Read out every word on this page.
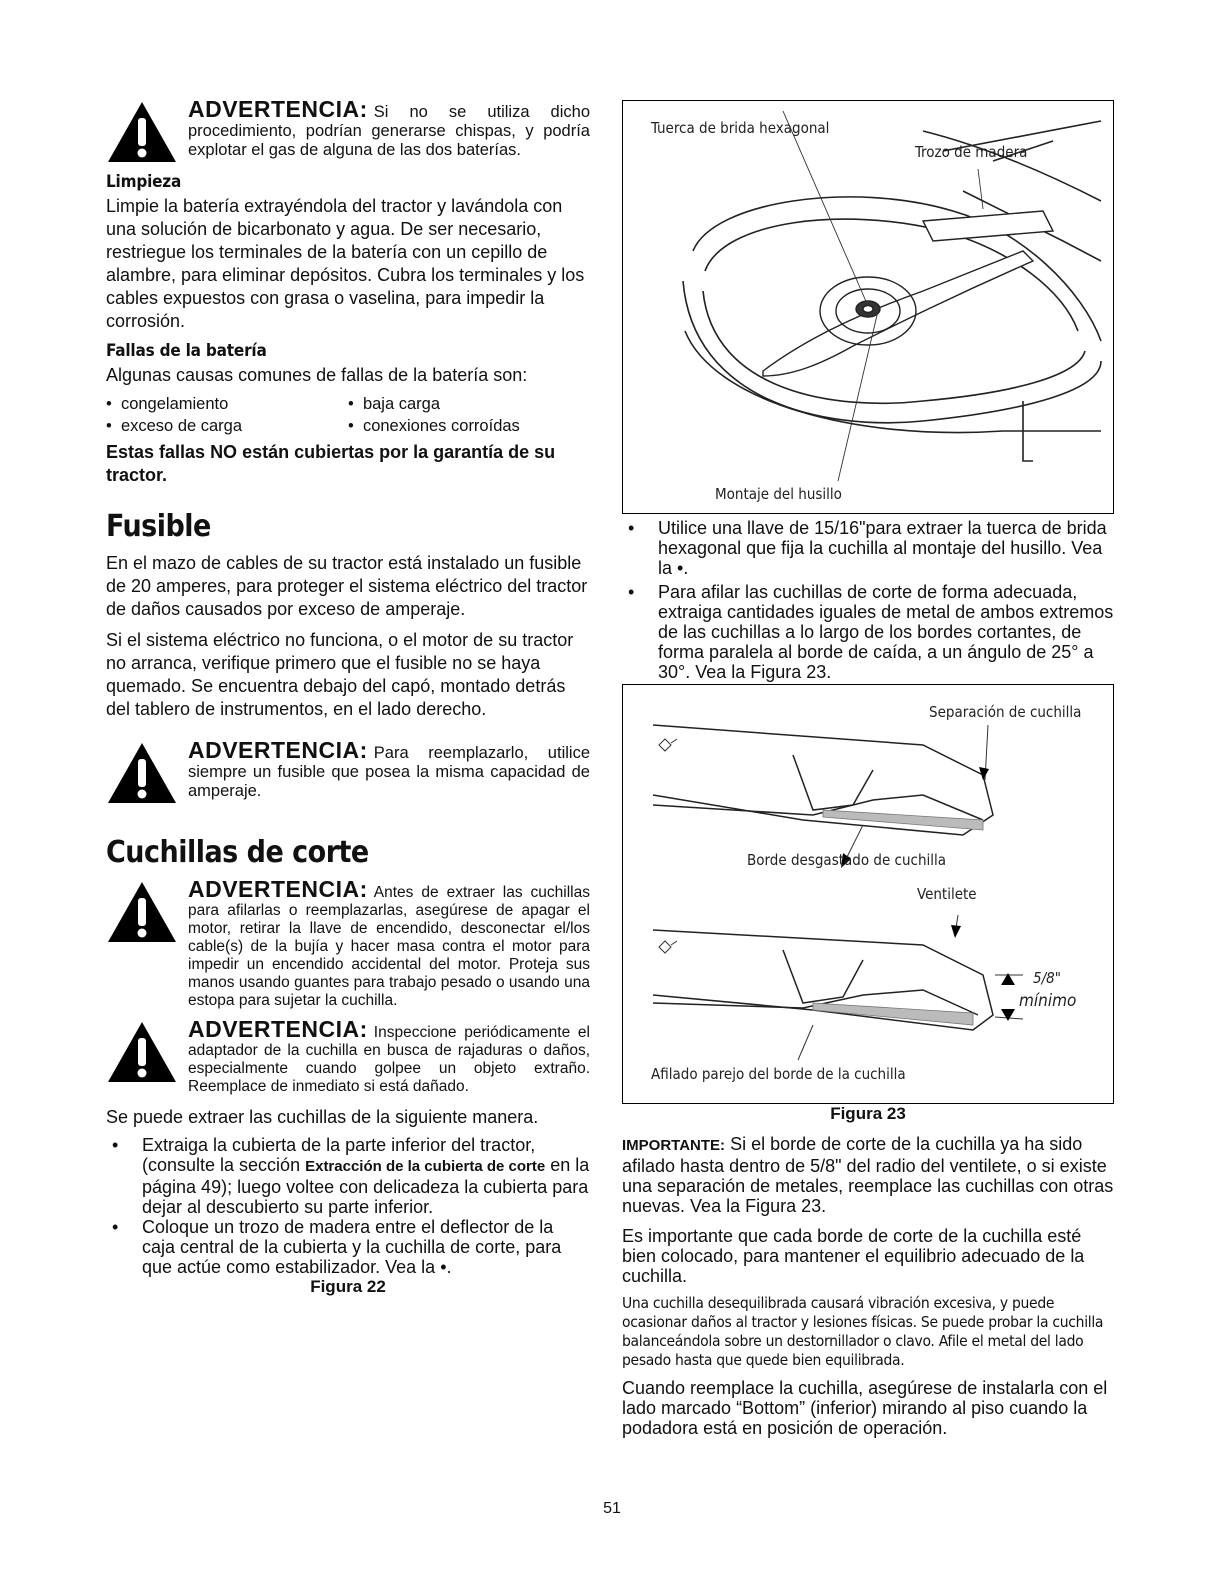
ADVERTENCIA: Si no se utiliza dicho procedimiento, podrían generarse chispas, y podría explotar el gas de alguna de las dos baterías.

Limpieza

Limpie la batería extrayéndola del tractor y lavándola con una solución de bicarbonato y agua. De ser necesario, restriegue los terminales de la batería con un cepillo de alambre, para eliminar depósitos. Cubra los terminales y los cables expuestos con grasa o vaselina, para impedir la corrosión.

Fallas de la batería

Algunas causas comunes de fallas de la batería son:

•  congelamiento	•  baja carga
•  exceso de carga	•  conexiones corroídas

Estas fallas NO están cubiertas por la garantía de su tractor.

Fusible

En el mazo de cables de su tractor está instalado un fusible de 20 amperes, para proteger el sistema eléctrico del tractor de daños causados por exceso de amperaje.

Si el sistema eléctrico no funciona, o el motor de su tractor no arranca, verifique primero que el fusible no se haya quemado. Se encuentra debajo del capó, montado detrás del tablero de instrumentos, en el lado derecho.

ADVERTENCIA: Para reemplazarlo, utilice siempre un fusible que posea la misma capacidad de amperaje.

Cuchillas de corte

ADVERTENCIA: Antes de extraer las cuchillas para afilarlas o reemplazarlas, asegúrese de apagar el motor, retirar la llave de encendido, desconectar el/los cable(s) de la bujía y hacer masa contra el motor para impedir un encendido accidental del motor. Proteja sus manos usando guantes para trabajo pesado o usando una estopa para sujetar la cuchilla.

ADVERTENCIA: Inspeccione periódicamente el adaptador de la cuchilla en busca de rajaduras o daños, especialmente cuando golpee un objeto extraño. Reemplace de inmediato si está dañado.

Se puede extraer las cuchillas de la siguiente manera.

• Extraiga la cubierta de la parte inferior del tractor, (consulte la sección Extracción de la cubierta de corte en la página 49); luego voltee con delicadeza la cubierta para dejar al descubierto su parte inferior.
• Coloque un trozo de madera entre el deflector de la caja central de la cubierta y la cuchilla de corte, para que actúe como estabilizador. Vea la •.
Figura 22
Tuerca de brida hexagonal
Trozo de madera
Montaje del husillo
• Utilice una llave de 15/16"para extraer la tuerca de brida hexagonal que fija la cuchilla al montaje del husillo. Vea la •.
• Para afilar las cuchillas de corte de forma adecuada, extraiga cantidades iguales de metal de ambos extremos de las cuchillas a lo largo de los bordes cortantes, de forma paralela al borde de caída, a un ángulo de 25° a 30°. Vea la Figura 23.
Separación de cuchilla
Borde desgastado de cuchilla
Ventilete
5/8"
mínimo
Afilado parejo del borde de la cuchilla
Figura 23

IMPORTANTE: Si el borde de corte de la cuchilla ya ha sido afilado hasta dentro de 5/8" del radio del ventilete, o si existe una separación de metales, reemplace las cuchillas con otras nuevas. Vea la Figura 23.

Es importante que cada borde de corte de la cuchilla esté bien colocado, para mantener el equilibrio adecuado de la cuchilla.

Una cuchilla desequilibrada causará vibración excesiva, y puede ocasionar daños al tractor y lesiones físicas. Se puede probar la cuchilla balanceándola sobre un destornillador o clavo. Afile el metal del lado pesado hasta que quede bien equilibrada.

Cuando reemplace la cuchilla, asegúrese de instalarla con el lado marcado “Bottom” (inferior) mirando al piso cuando la podadora está en posición de operación.

51
